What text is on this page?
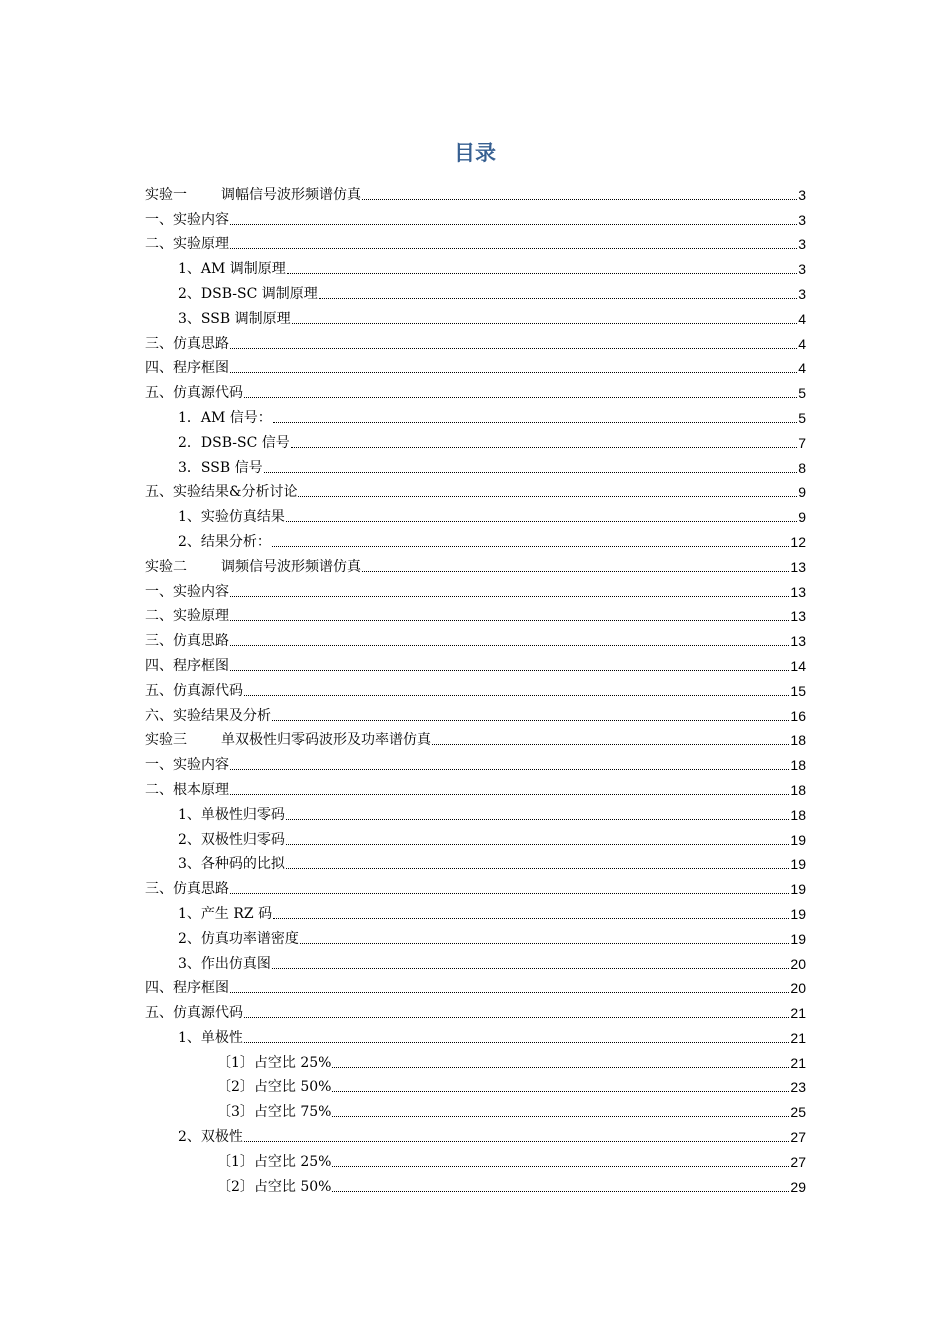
目录
实验一 调幅信号波形频谱仿真	3
一、实验内容	3
二、实验原理	3
1、AM 调制原理	3
2、DSB-SC 调制原理	3
3、SSB 调制原理	4
三、仿真思路	4
四、程序框图	4
五、仿真源代码	5
1．AM 信号：	5
2．DSB-SC 信号	7
3．SSB 信号	8
五、实验结果&分析讨论	9
1、实验仿真结果	9
2、结果分析：	12
实验二 调频信号波形频谱仿真	13
一、实验内容	13
二、实验原理	13
三、仿真思路	13
四、程序框图	14
五、仿真源代码	15
六、实验结果及分析	16
实验三 单双极性归零码波形及功率谱仿真	18
一、实验内容	18
二、根本原理	18
1、单极性归零码	18
2、双极性归零码	19
3、各种码的比拟	19
三、仿真思路	19
1、产生 RZ 码	19
2、仿真功率谱密度	19
3、作出仿真图	20
四、程序框图	20
五、仿真源代码	21
1、单极性	21
〔1〕占空比 25%	21
〔2〕占空比 50%	23
〔3〕占空比 75%	25
2、双极性	27
〔1〕占空比 25%	27
〔2〕占空比 50%	29
